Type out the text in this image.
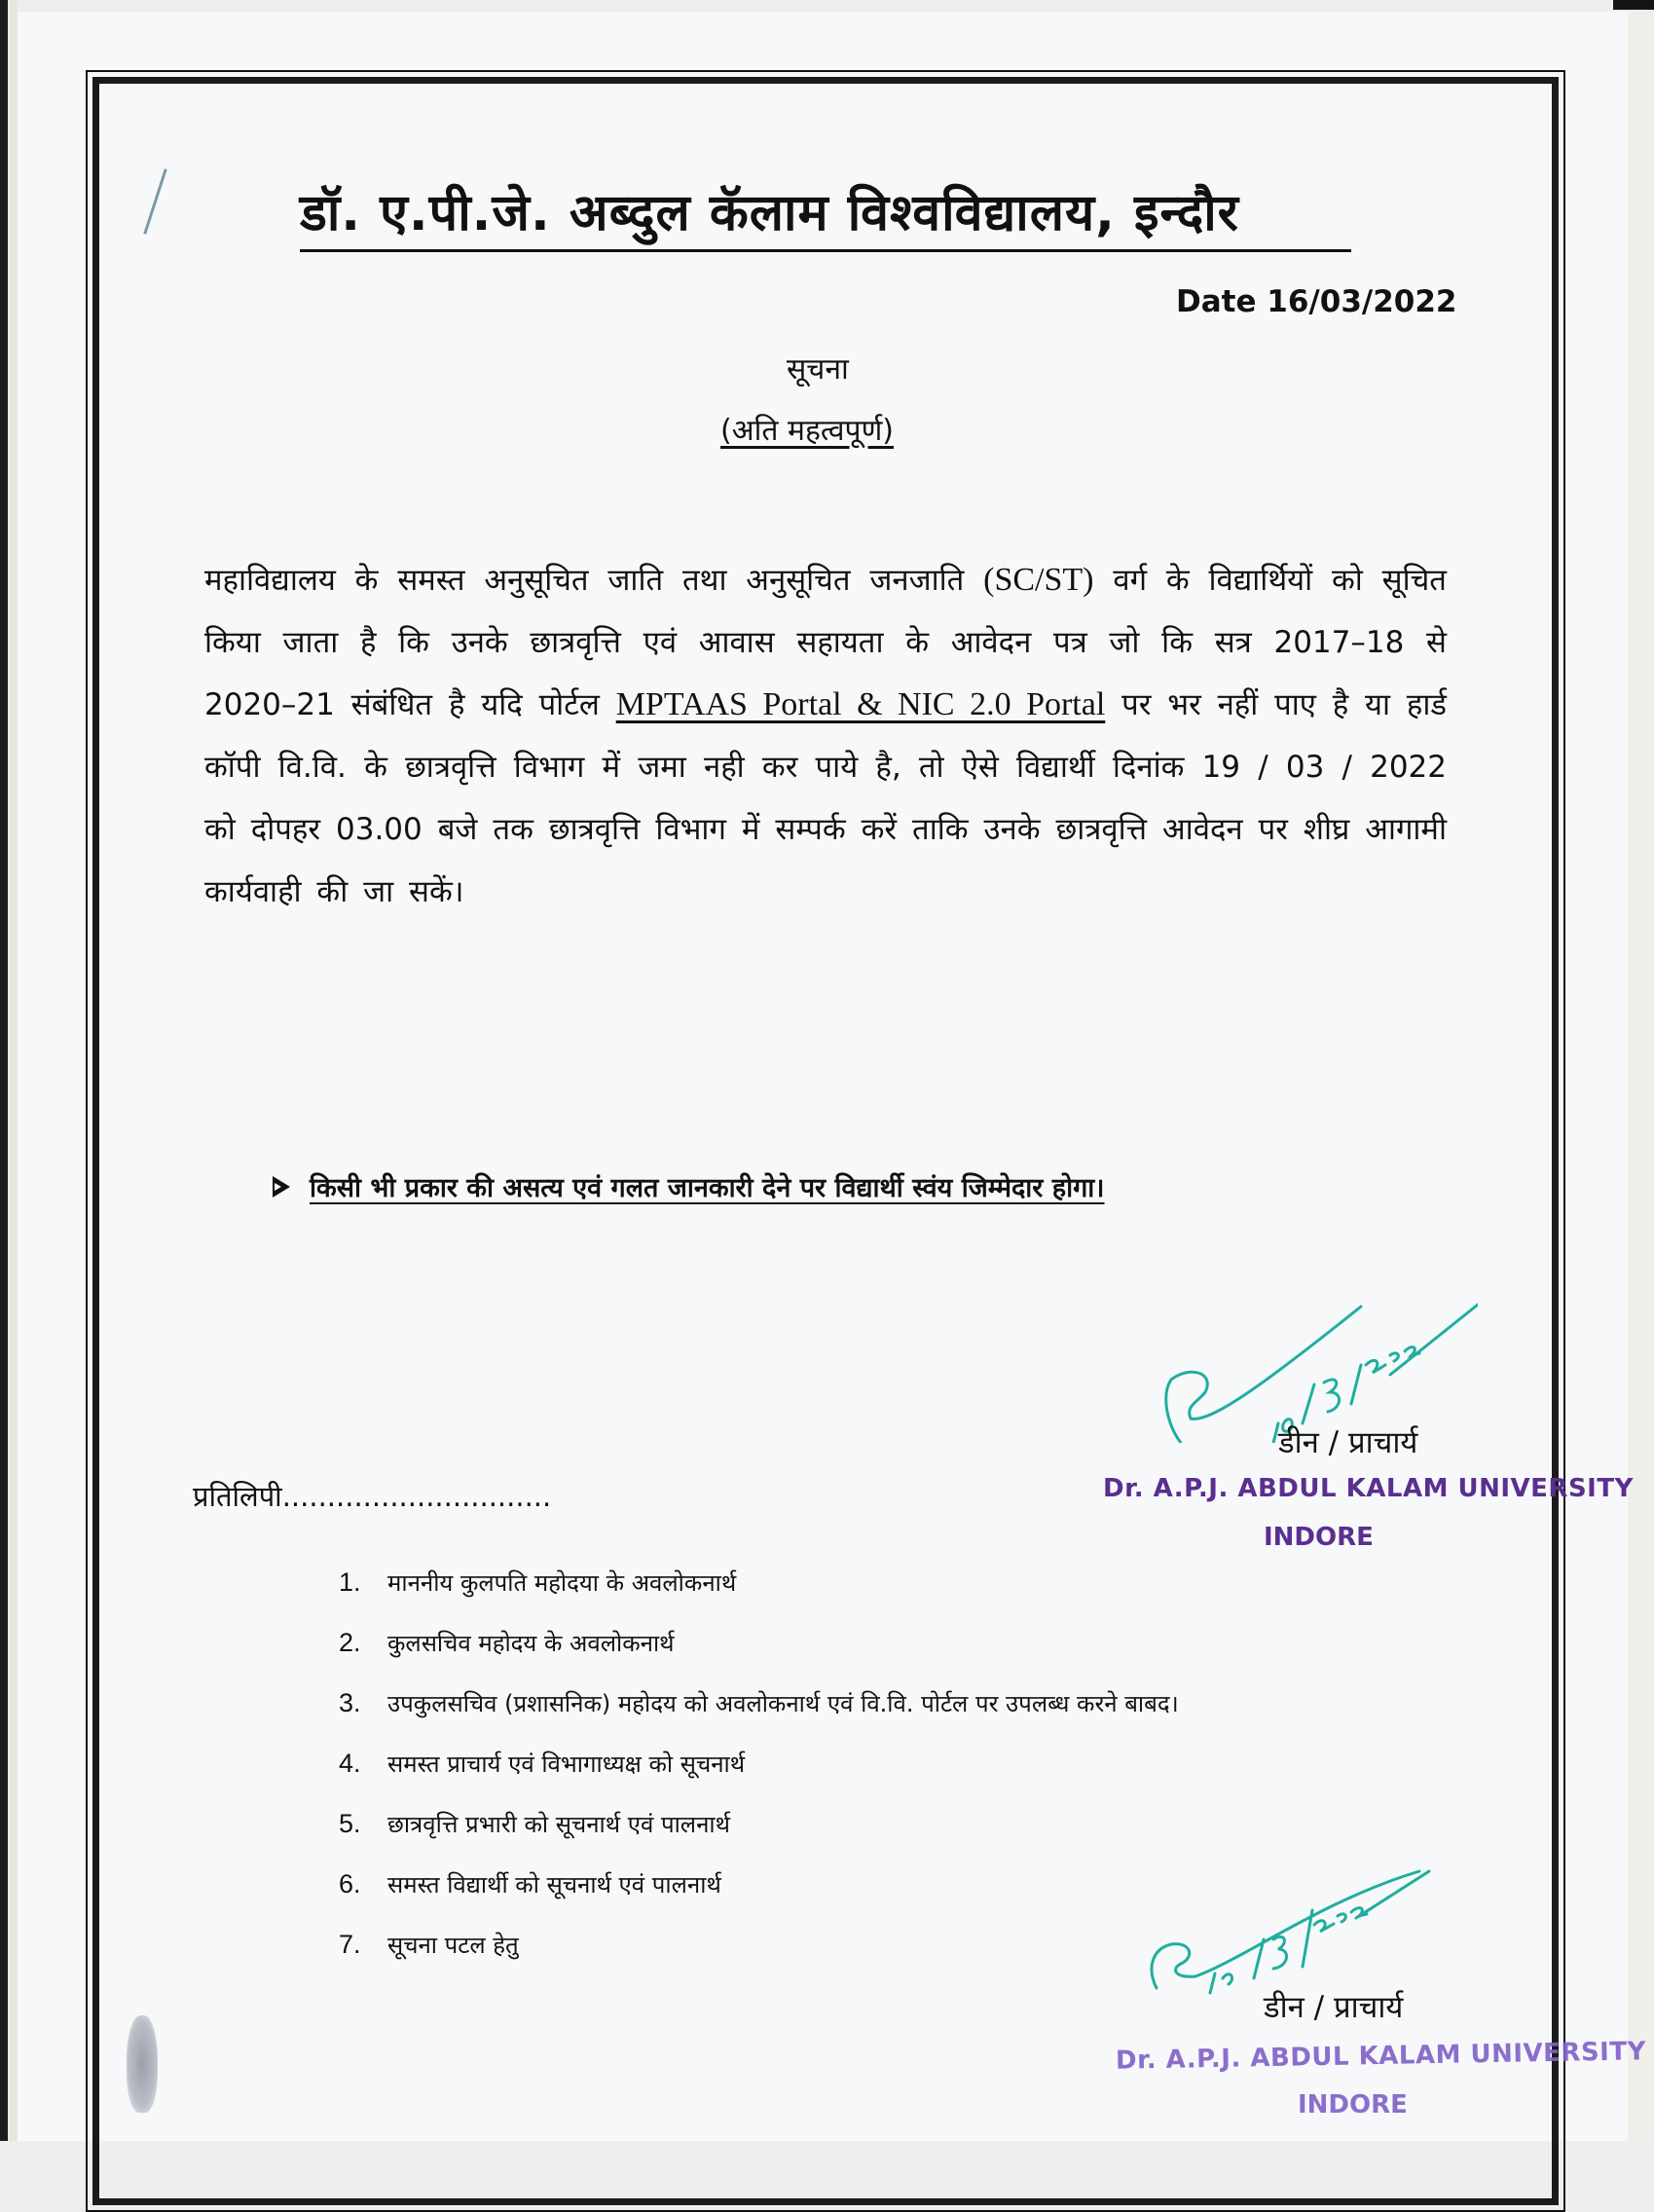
डॉ. ए.पी.जे. अब्दुल कॅलाम विश्वविद्यालय, इन्दौर
Date 16/03/2022
सूचना
(अति महत्वपूर्ण)
महाविद्यालय के समस्त अनुसूचित जाति तथा अनुसूचित जनजाति (SC/ST) वर्ग के विद्यार्थियों को सूचित किया जाता है कि उनके छात्रवृत्ति एवं आवास सहायता के आवेदन पत्र जो कि सत्र 2017–18 से 2020–21 संबंधित है यदि पोर्टल MPTAAS Portal & NIC 2.0 Portal पर भर नहीं पाए है या हार्ड कॉपी वि.वि. के छात्रवृत्ति विभाग में जमा नही कर पाये है, तो ऐसे विद्यार्थी दिनांक 19 / 03 / 2022 को दोपहर 03.00 बजे तक छात्रवृत्ति विभाग में सम्पर्क करें ताकि उनके छात्रवृत्ति आवेदन पर शीघ्र आगामी कार्यवाही की जा सकें।
किसी भी प्रकार की असत्य एवं गलत जानकारी देने पर विद्यार्थी स्वंय जिम्मेदार होगा।
डीन / प्राचार्य
Dr. A.P.J. ABDUL KALAM UNIVERSITY
INDORE
प्रतिलिपी..............................
1.	माननीय कुलपति महोदया के अवलोकनार्थ
2.	कुलसचिव महोदय के अवलोकनार्थ
3.	उपकुलसचिव (प्रशासनिक) महोदय को अवलोकनार्थ एवं वि.वि. पोर्टल पर उपलब्ध करने बाबद।
4.	समस्त प्राचार्य एवं विभागाध्यक्ष को सूचनार्थ
5.	छात्रवृत्ति प्रभारी को सूचनार्थ एवं पालनार्थ
6.	समस्त विद्यार्थी को सूचनार्थ एवं पालनार्थ
7.	सूचना पटल हेतु
डीन / प्राचार्य
Dr. A.P.J. ABDUL KALAM UNIVERSITY
INDORE
